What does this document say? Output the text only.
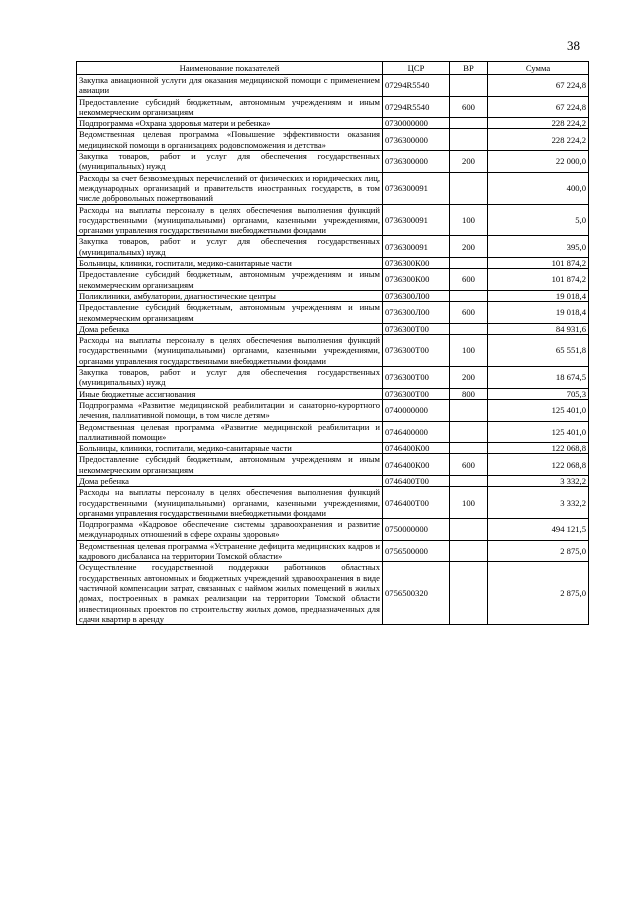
38
Наименование показателей	ЦСР	ВР	Сумма
Закупка авиационной услуги для оказания медицинской помощи с применением авиации	07294R5540		67 224,8
Предоставление субсидий бюджетным, автономным учреждениям и иным некоммерческим организациям	07294R5540	600	67 224,8
Подпрограмма «Охрана здоровья матери и ребенка»	0730000000		228 224,2
Ведомственная целевая программа «Повышение эффективности оказания медицинской помощи в организациях родовспоможения и детства»	0736300000		228 224,2
Закупка товаров, работ и услуг для обеспечения государственных (муниципальных) нужд	0736300000	200	22 000,0
Расходы за счет безвозмездных перечислений от физических и юридических лиц, международных организаций и правительств иностранных государств, в том числе добровольных пожертвований	0736300091		400,0
Расходы на выплаты персоналу в целях обеспечения выполнения функций государственными (муниципальными) органами, казенными учреждениями, органами управления государственными внебюджетными фондами	0736300091	100	5,0
Закупка товаров, работ и услуг для обеспечения государственных (муниципальных) нужд	0736300091	200	395,0
Больницы, клиники, госпитали, медико-санитарные части	0736300К00		101 874,2
Предоставление субсидий бюджетным, автономным учреждениям и иным некоммерческим организациям	0736300К00	600	101 874,2
Поликлиники, амбулатории, диагностические центры	0736300Л00		19 018,4
Предоставление субсидий бюджетным, автономным учреждениям и иным некоммерческим организациям	0736300Л00	600	19 018,4
Дома ребенка	0736300Т00		84 931,6
Расходы на выплаты персоналу в целях обеспечения выполнения функций государственными (муниципальными) органами, казенными учреждениями, органами управления государственными внебюджетными фондами	0736300Т00	100	65 551,8
Закупка товаров, работ и услуг для обеспечения государственных (муниципальных) нужд	0736300Т00	200	18 674,5
Иные бюджетные ассигнования	0736300Т00	800	705,3
Подпрограмма «Развитие медицинской реабилитации и санаторно-курортного лечения, паллиативной помощи, в том числе детям»	0740000000		125 401,0
Ведомственная целевая программа «Развитие медицинской реабилитации и паллиативной помощи»	0746400000		125 401,0
Больницы, клиники, госпитали, медико-санитарные части	0746400К00		122 068,8
Предоставление субсидий бюджетным, автономным учреждениям и иным некоммерческим организациям	0746400К00	600	122 068,8
Дома ребенка	0746400Т00		3 332,2
Расходы на выплаты персоналу в целях обеспечения выполнения функций государственными (муниципальными) органами, казенными учреждениями, органами управления государственными внебюджетными фондами	0746400Т00	100	3 332,2
Подпрограмма «Кадровое обеспечение системы здравоохранения и развитие международных отношений в сфере охраны здоровья»	0750000000		494 121,5
Ведомственная целевая программа «Устранение дефицита медицинских кадров и кадрового дисбаланса на территории Томской области»	0756500000		2 875,0
Осуществление государственной поддержки работников областных государственных автономных и бюджетных учреждений здравоохранения в виде частичной компенсации затрат, связанных с наймом жилых помещений в жилых домах, построенных в рамках реализации на территории Томской области инвестиционных проектов по строительству жилых домов, предназначенных для сдачи квартир в аренду	0756500320		2 875,0
